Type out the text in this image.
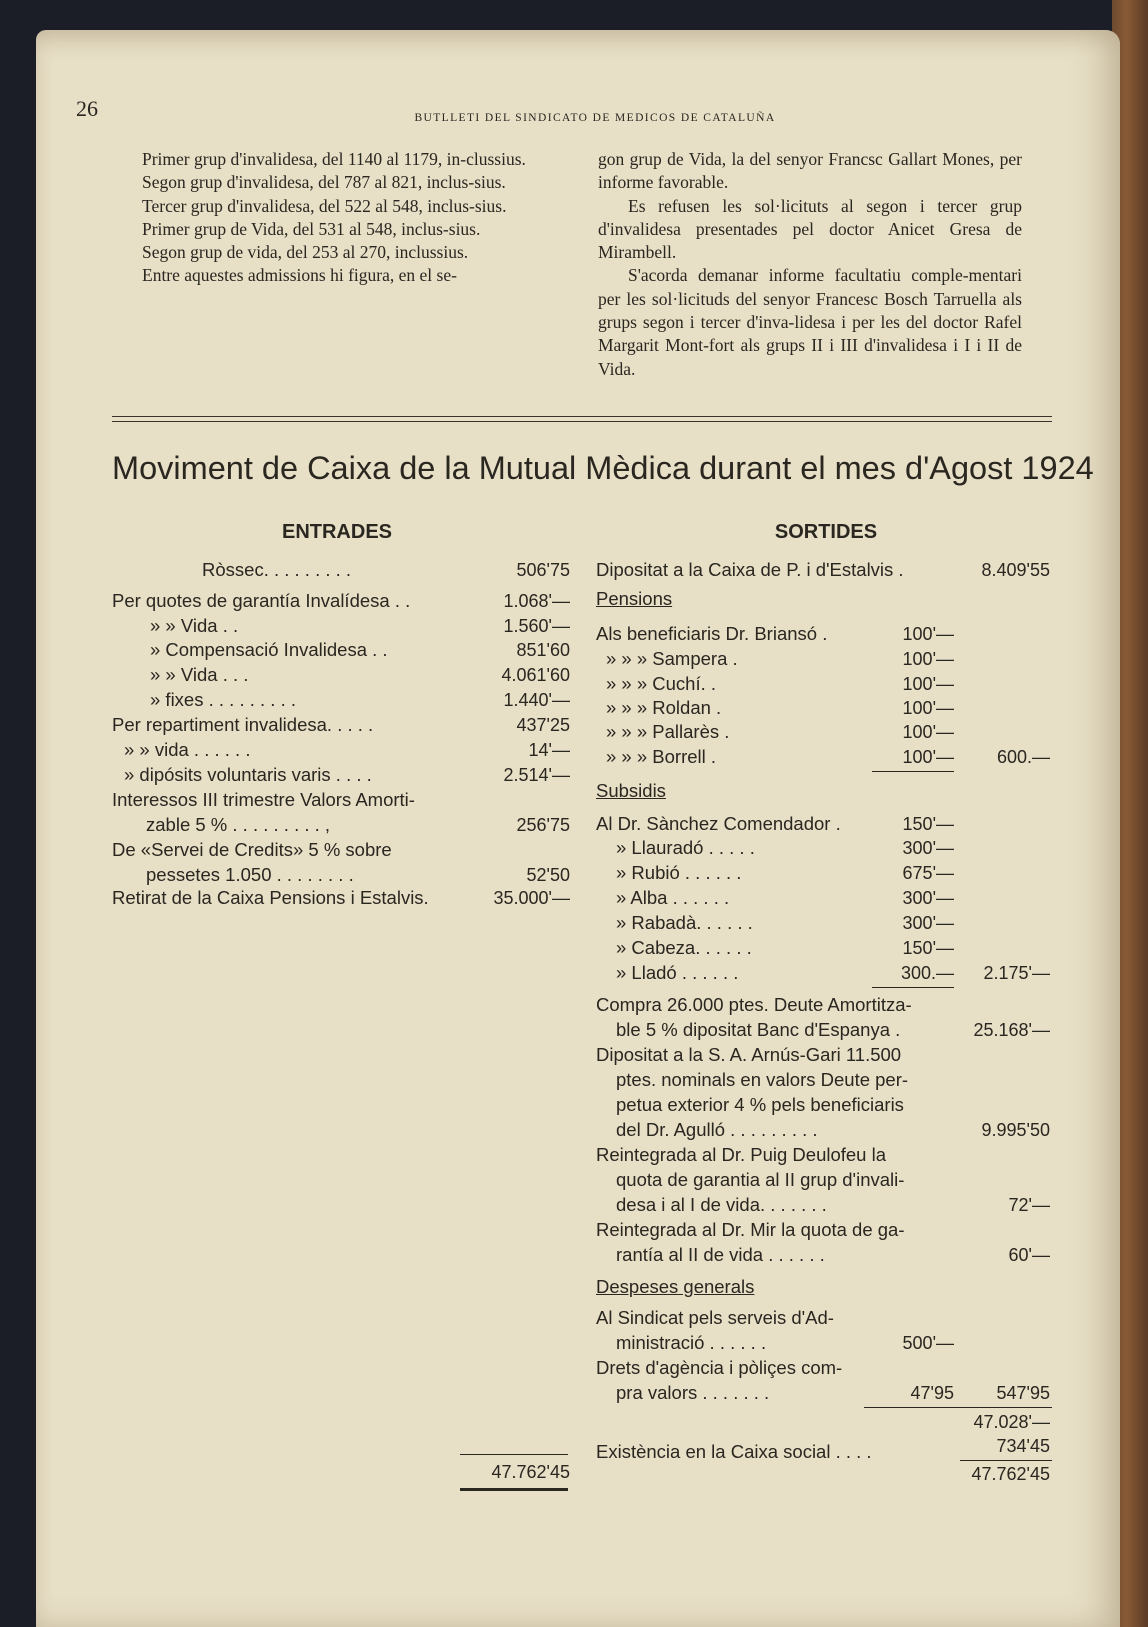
26	BUTLLETI DEL SINDICATO DE MEDICOS DE CATALUÑA

Primer grup d'invalidesa, del 1140 al 1179, in-clussius.

Segon grup d'invalidesa, del 787 al 821, inclus-sius.

Tercer grup d'invalidesa, del 522 al 548, inclus-sius.

Primer grup de Vida, del 531 al 548, inclus-sius.

Segon grup de vida, del 253 al 270, inclussius.

Entre aquestes admissions hi figura, en el se-

gon grup de Vida, la del senyor Francsc Gallart Mones, per informe favorable.

Es refusen les sol·licituts al segon i tercer grup d'invalidesa presentades pel doctor Anicet Gresa de Mirambell.

S'acorda demanar informe facultatiu comple-mentari per les sol·licituds del senyor Francesc Bosch Tarruella als grups segon i tercer d'inva-lidesa i per les del doctor Rafel Margarit Mont-fort als grups II i III d'invalidesa i I i II de Vida.

Moviment de Caixa de la Mutual Mèdica durant el mes d'Agost 1924
ENTRADES
Ròssec. . . . . . . . .	506'75
Per quotes de garantía Invalídesa . .	1.068'—
» » Vida . .	1.560'—
» Compensació Invalidesa . .	851'60
» » Vida . . .	4.061'60
» fixes . . . . . . . . .	1.440'—
Per repartiment invalidesa. . . . .	437'25
» » vida . . . . . .	14'—
» dipósits voluntaris varis . . . .	2.514'—
Interessos III trimestre Valors Amorti-
zable 5 % . . . . . . . . . ,	256'75
De «Servei de Credits» 5 % sobre
pessetes 1.050 . . . . . . . .	52'50
Retirat de la Caixa Pensions i Estalvis.	35.000'—
47.762'45
SORTIDES
Dipositat a la Caixa de P. i d'Estalvis .	8.409'55
Pensions
Als beneficiaris Dr. Briansó .	100'—
» » » Sampera .	100'—
» » » Cuchí. .	100'—
» » » Roldan .	100'—
» » » Pallarès .	100'—
» » » Borrell .	100'—	600.—
Subsidis
Al Dr. Sànchez Comendador .	150'—
» Llauradó . . . . .	300'—
» Rubió . . . . . .	675'—
» Alba . . . . . .	300'—
» Rabadà. . . . . .	300'—
» Cabeza. . . . . .	150'—
» Lladó . . . . . .	300.—	2.175'—
Compra 26.000 ptes. Deute Amortitza-
ble 5 % dipositat Banc d'Espanya .	25.168'—
Dipositat a la S. A. Arnús-Gari 11.500
ptes. nominals en valors Deute per-
petua exterior 4 % pels beneficiaris
del Dr. Agulló . . . . . . . . .	9.995'50
Reintegrada al Dr. Puig Deulofeu la
quota de garantia al II grup d'invali-
desa i al I de vida. . . . . . .	72'—
Reintegrada al Dr. Mir la quota de ga-
rantía al II de vida . . . . . .	60'—
Despeses generals
Al Sindicat pels serveis d'Ad-
ministració . . . . . .	500'—
Drets d'agència i pòliçes com-
pra valors . . . . . . .	47'95	547'95
47.028'—
Existència en la Caixa social . . . .	734'45
47.762'45
